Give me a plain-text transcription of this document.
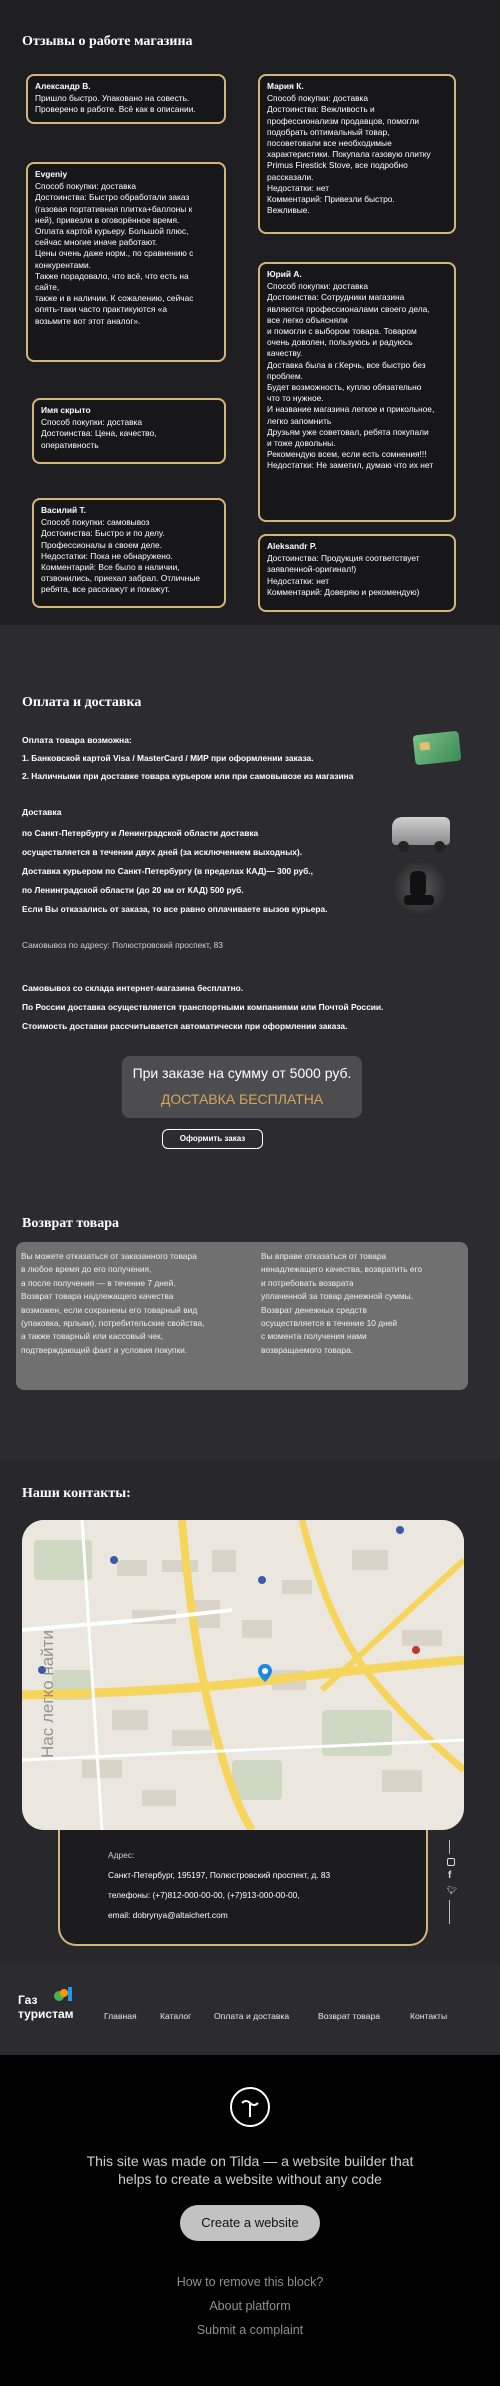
Отзывы о работе магазина
Александр В.
Пришло быстро. Упаковано на совесть.
Проверено в работе. Всё как в описании.
Evgeniy
Способ покупки: доставка
Достоинства: Быстро обработали заказ
(газовая портативная плитка+баллоны к
ней), привезли в оговорённое время.
Оплата картой курьеру. Большой плюс,
сейчас многие иначе работают.
Цены очень даже норм., по сравнению с
конкурентами.
Также порадовало, что всё, что есть на
сайте,
также и в наличии. К сожалению, сейчас
опять-таки часто практикуются «а
возьмите вот этот аналог».
Имя скрыто
Способ покупки: доставка
Достоинства: Цена, качество,
оперативность
Василий Т.
Способ покупки: самовывоз
Достоинства: Быстро и по делу.
Профессионалы в своем деле.
Недостатки: Пока не обнаружено.
Комментарий: Все было в наличии,
отзвонились, приехал забрал. Отличные
ребята, все расскажут и покажут.
Мария К.
Способ покупки: доставка
Достоинства: Вежливость и
профессионализм продавцов, помогли
подобрать оптимальный товар,
посоветовали все необходимые
характеристики. Покупала газовую плитку
Primus Firestick Stove, все подробно
рассказали.
Недостатки: нет
Комментарий: Привезли быстро.
Вежливые.
Юрий А.
Способ покупки: доставка
Достоинства: Сотрудники магазина
являются профессионалами своего дела,
все легко объясняли
и помогли с выбором товара. Товаром
очень доволен, пользуюсь и радуюсь
качеству.
Доставка была в г.Керчь, все быстро без
проблем.
Будет возможность, куплю обязательно
что то нужное.
И название магазина легкое и прикольное,
легко запомнить
Друзьям уже советовал, ребята покупали
и тоже довольны.
Рекомендую всем, если есть сомнения!!!
Недостатки: Не заметил, думаю что их нет
Aleksandr P.
Достоинства: Продукция соответствует
заявленной-оригинал!)
Недостатки: нет
Комментарий: Доверяю и рекомендую)
Оплата и доставка
Оплата товара возможна:
1. Банковской картой Visa / MasterCard / МИР при оформлении заказа.
2. Наличными при доставке товара курьером или при самовывозе из магазина
Доставка
по Санкт-Петербургу и Ленинградской области доставка
осуществляется в течении двух дней (за исключением выходных).
Доставка курьером по Санкт-Петербургу (в пределах КАД)— 300 руб.,
по Ленинградской области (до 20 км от КАД) 500 руб.
Если Вы отказались от заказа, то все равно оплачиваете вызов курьера.
Самовывоз по адресу: Полюстровский проспект, 83
Самовывоз со склада интернет-магазина бесплатно.
По России доставка осуществляется транспортными компаниями или Почтой России.
Стоимость доставки рассчитывается автоматически при оформлении заказа.
При заказе на сумму от 5000 руб.
ДОСТАВКА БЕСПЛАТНА
Оформить заказ
Возврат товара
Вы можете отказаться от заказанного товара
в любое время до его получения,
а после получения — в течение 7 дней.
Возврат товара надлежащего качества
возможен, если сохранены его товарный вид
(упаковка, ярлыки), потребительские свойства,
а также товарный или кассовый чек,
подтверждающий факт и условия покупки.
Вы вправе отказаться от товара
ненадлежащего качества, возвратить его
и потребовать возврата
уплаченной за товар денежной суммы.
Возврат денежных средств
осуществляется в течение 10 дней
с момента получения нами
возвращаемого товара.
Наши контакты:
Нас легко найти
Адрес:
Санкт-Петербург, 195197, Полюстровский проспект, д. 83
телефоны: (+7)812-000-00-00, (+7)913-000-00-00,
email: dobrynya@altaichert.com
f
🐦︎
Газ
туристам	Главная	Каталог	Оплата и доставка	Возврат товара	Контакты
This site was made on Tilda — a website builder that
helps to create a website without any code
Create a website
How to remove this block?
About platform
Submit a complaint
